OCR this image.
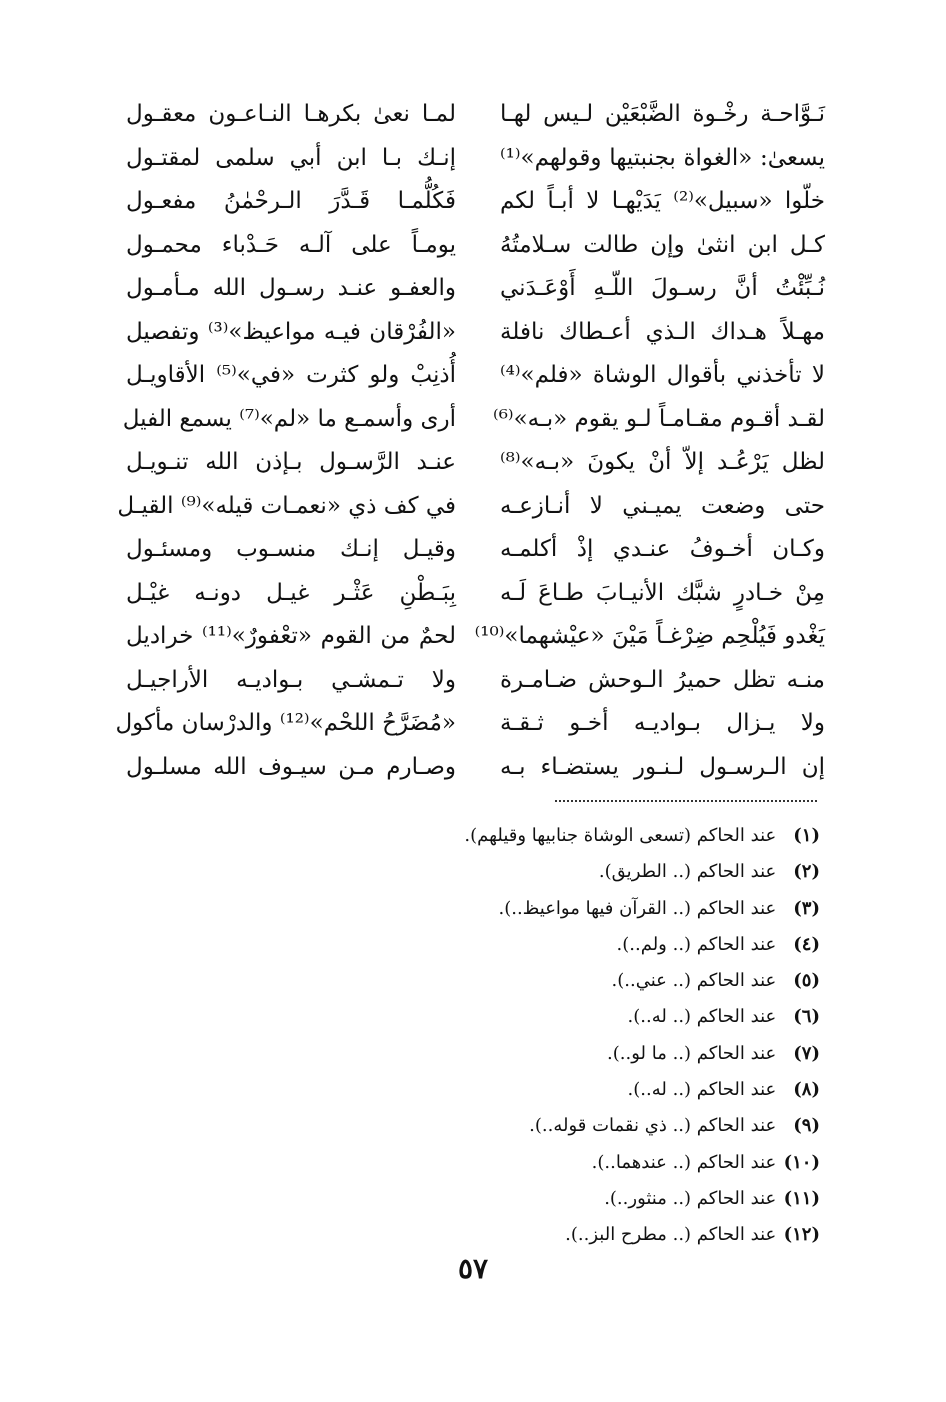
نَـوَّاحـة رخْـوة الضَّبْعَيْن لـيس لهـا
لمـا نعىٰ بكرهـا النـاعـون معقـول
يسعىٰ: «الغواة بجنبتيها وقولهم»⁽¹⁾
إنـك بـا ابن أبي سلمى لمقتـول
خلّوا «سبيل»⁽²⁾ يَدَيْهـا لا أبـاً لكم
فَكُلُّمـا قَـدَّرَ الـرحْمٰنُ مفعـول
كـل ابن انثىٰ وإن طالت سـلامتُهُ
يومـاً على آلـه حَـدْباء محمـول
نُـبِّئْتُ أنَّ رسـولَ اللّـهِ أَوْعَـدَني
والعفـو عنـد رسـول الله مـأمـول
مهـلاً هـداك الـذي أعـطاك نافلة
«الفُرْقان فيـه مواعيظ»⁽³⁾ وتفصيل
لا تأخذني بأقوال الوشاة «فلم»⁽⁴⁾
أُذنِبْ ولو كثرت «في»⁽⁵⁾ الأقاويـل
لقـد أقـوم مقـامـاً لـو يقوم «بـه»⁽⁶⁾
أرى وأسمـع ما «لم»⁽⁷⁾ يسمع الفيل
لظل يَرْعُـد إلاّ أنْ يكونَ «بـه»⁽⁸⁾
عنـد الرَّسـول بـإذن الله تنـويـل
حتى وضعت يميـني لا أنـازعـه
في كف ذي «نعمـات قيله»⁽⁹⁾ القيـل
وكـان أخـوفُ عنـدي إذْ أكلمـه
وقيـل إنـك منسـوب ومسئـول
مِنْ خـادرٍ شبَّك الأنيـابَ طـاعَ لَـه
بِبَـطْنِ عَثْـر غيـل دونـه غيْـل
يَغْدو فَيُلْحِم ضِرْغـاً مَيْنَ «عيْشهما»⁽¹⁰⁾
لحمٌ من القوم «تعْفورٌ»⁽¹¹⁾ خراديل
منـه تظل حميرُ الـوحش ضـامـرة
ولا تـمشـي بـواديـه الأراجيـل
ولا يـزال بـواديـه أخـو ثـقـة
«مُضَرَّحُ اللحْم»⁽¹²⁾ والدرْسان مأكول
إن الـرسـول لـنـور يستضـاء بـه
وصـارم مـن سيـوف الله مسلـول
(١) عند الحاكم (تسعى الوشاة جنابيها وقيلهم).
(٢) عند الحاكم (.. الطريق).
(٣) عند الحاكم (.. القرآن فيها مواعيظ..).
(٤) عند الحاكم (.. ولم..).
(٥) عند الحاكم (.. عني..).
(٦) عند الحاكم (.. له..).
(٧) عند الحاكم (.. ما لو..).
(٨) عند الحاكم (.. له..).
(٩) عند الحاكم (.. ذي نقمات قوله..).
(١٠) عند الحاكم (.. عندهما..).
(١١) عند الحاكم (.. منثور..).
(١٢) عند الحاكم (.. مطرح البز..).
٥٧
